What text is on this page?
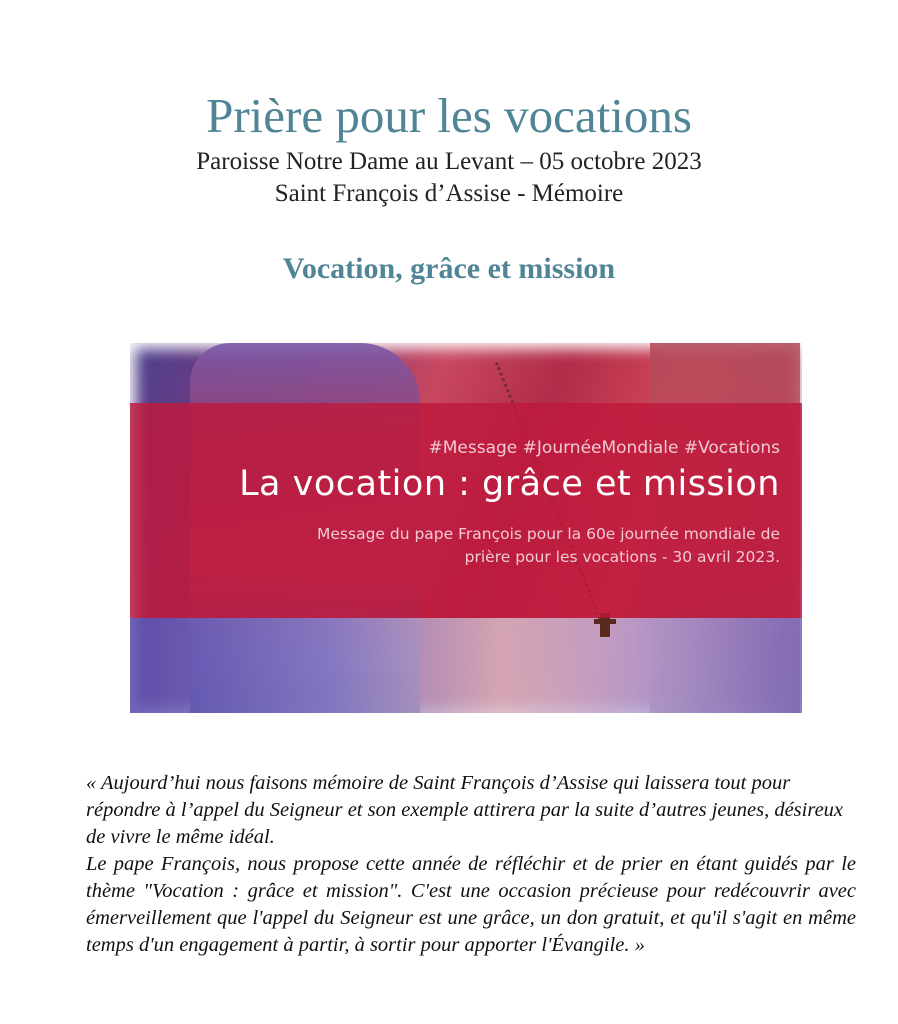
Prière pour les vocations

Paroisse Notre Dame au Levant – 05 octobre 2023

Saint François d’Assise - Mémoire

Vocation, grâce et mission
#Message #JournéeMondiale #Vocations
La vocation : grâce et mission
Message du pape François pour la 60e journée mondiale de
prière pour les vocations - 30 avril 2023.

« Aujourd’hui nous faisons mémoire de Saint François d’Assise qui laissera tout pour répondre à l’appel du Seigneur et son exemple attirera par la suite d’autres jeunes, désireux de vivre le même idéal.

Le pape François, nous propose cette année de réfléchir et de prier en étant guidés par le thème "Vocation : grâce et mission". C'est une occasion précieuse pour redécouvrir avec émerveillement que l'appel du Seigneur est une grâce, un don gratuit, et qu'il s'agit en même temps d'un engagement à partir, à sortir pour apporter l'Évangile. »
